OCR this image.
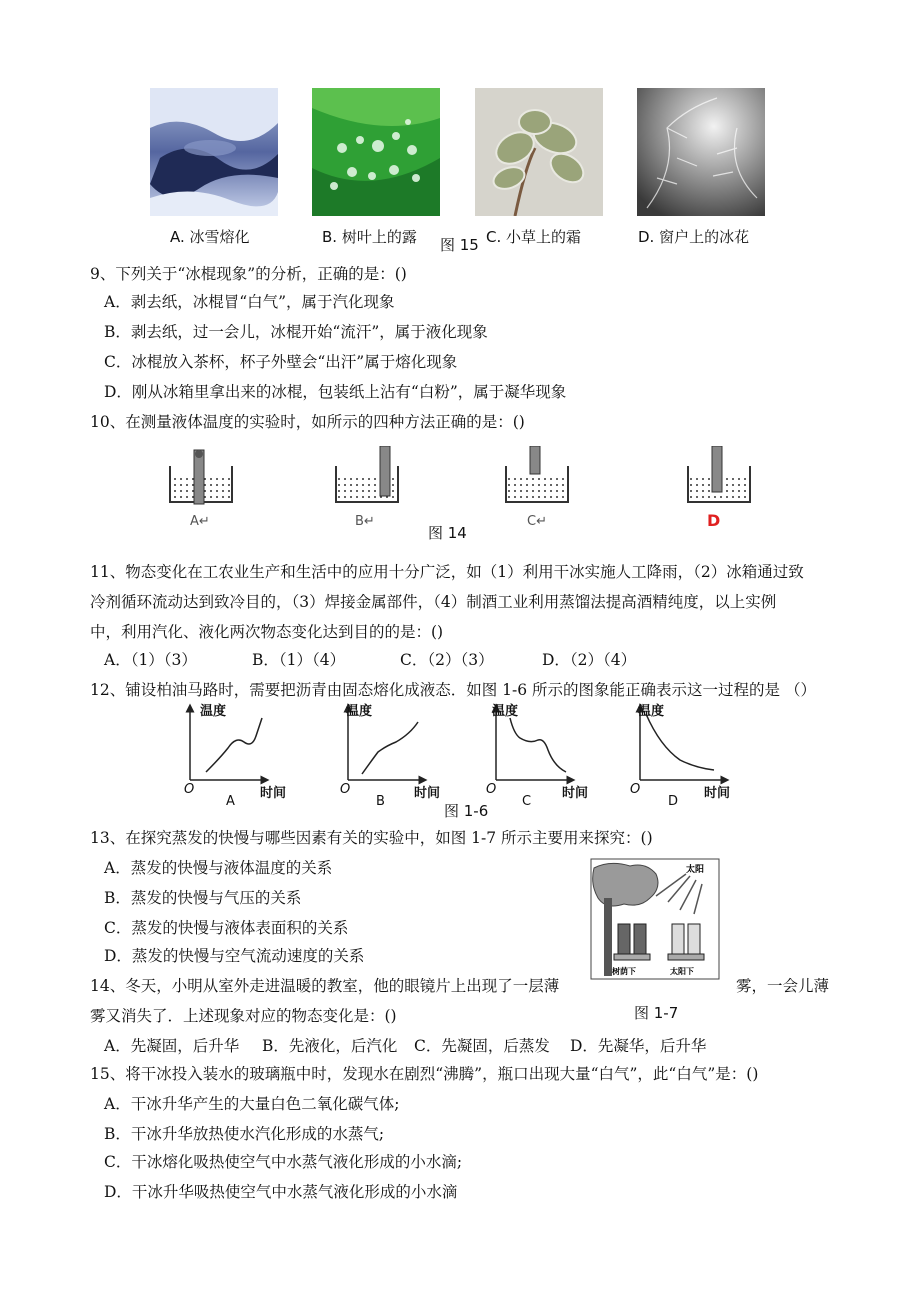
A. 冰雪熔化	B. 树叶上的露 图 15 C. 小草上的霜	D. 窗户上的冰花
9、下列关于“冰棍现象”的分析，正确的是：()
A．剥去纸，冰棍冒“白气”，属于汽化现象
B．剥去纸，过一会儿，冰棍开始“流汗”，属于液化现象
C．冰棍放入茶杯，杯子外壁会“出汗”属于熔化现象
D．刚从冰箱里拿出来的冰棍，包装纸上沾有“白粉”，属于凝华现象
10、在测量液体温度的实验时，如所示的四种方法正确的是：()
A↵	B↵
图 14
C↵	D
11、物态变化在工农业生产和生活中的应用十分广泛，如（1）利用干冰实施人工降雨，（2）冰箱通过致
冷剂循环流动达到致冷目的，（3）焊接金属部件，（4）制酒工业利用蒸馏法提高酒精纯度，以上实例
中，利用汽化、液化两次物态变化达到目的的是：()
A．（1）（3）	B．（1）（4）	C．（2）（3）	D．（2）（4）
12、铺设柏油马路时，需要把沥青由固态熔化成液态．如图 1-6 所示的图象能正确表示这一过程的是 （）
温度
O	时间
A
温度
O	时间
B
温度
O	时间
C
温度
O	时间
D
图 1-6
13、在探究蒸发的快慢与哪些因素有关的实验中，如图 1-7 所示主要用来探究：()
A．蒸发的快慢与液体温度的关系
B．蒸发的快慢与气压的关系
C．蒸发的快慢与液体表面积的关系
D．蒸发的快慢与空气流动速度的关系
太阳
树荫下	太阳下
14、冬天，小明从室外走进温暖的教室，他的眼镜片上出现了一层薄
图 1-7
雾，一会儿薄
雾又消失了．上述现象对应的物态变化是：()
A．先凝固，后升华 B．先液化，后汽化 C．先凝固，后蒸发 D．先凝华，后升华
15、将干冰投入装水的玻璃瓶中时，发现水在剧烈“沸腾”，瓶口出现大量“白气”，此“白气”是：()
A．干冰升华产生的大量白色二氧化碳气体;
B．干冰升华放热使水汽化形成的水蒸气;
C．干冰熔化吸热使空气中水蒸气液化形成的小水滴;
D．干冰升华吸热使空气中水蒸气液化形成的小水滴
